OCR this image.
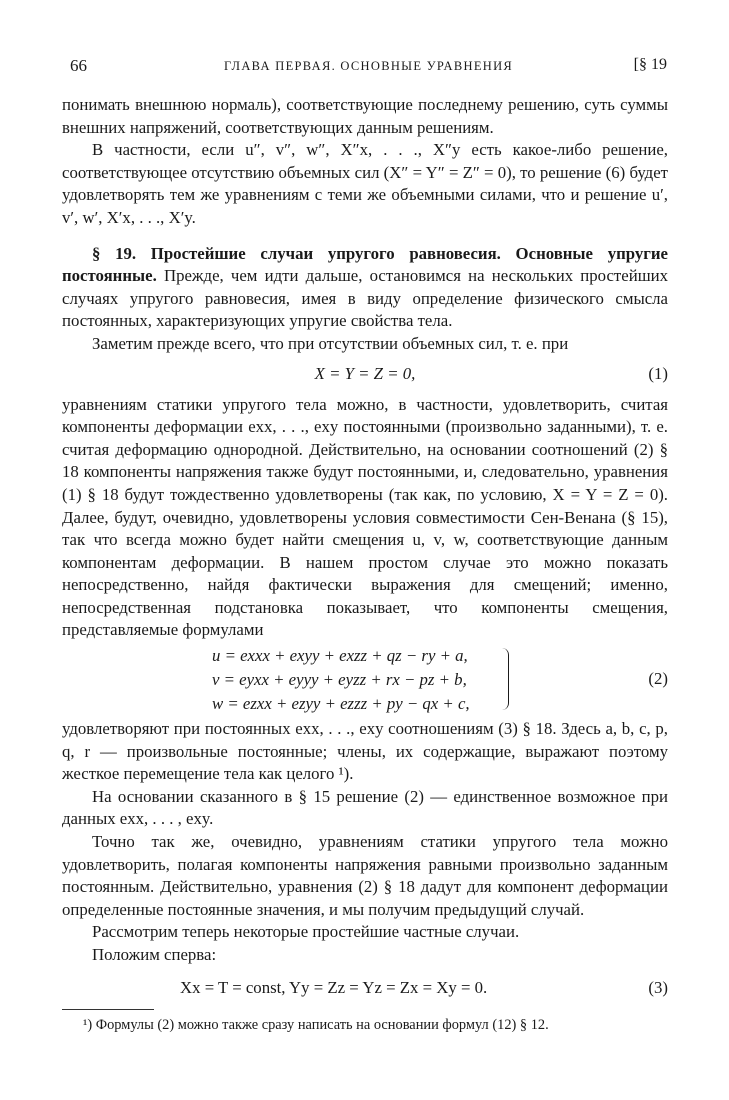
66	ГЛАВА ПЕРВАЯ. ОСНОВНЫЕ УРАВНЕНИЯ	[§ 19

понимать внешнюю нормаль), соответствующие последнему решению, суть суммы внешних напряжений, соответствующих данным решениям.

В частности, если u″, v″, w″, X″x, . . ., X″y есть какое-либо решение, соответствующее отсутствию объемных сил (X″ = Y″ = Z″ = 0), то решение (6) будет удовлетворять тем же уравнениям с теми же объемными силами, что и решение u′, v′, w′, X′x, . . ., X′y.

§ 19. Простейшие случаи упругого равновесия. Основные упругие постоянные. Прежде, чем идти дальше, остановимся на нескольких простейших случаях упругого равновесия, имея в виду определение физического смысла постоянных, характеризующих упругие свойства тела.

Заметим прежде всего, что при отсутствии объемных сил, т. е. при

X = Y = Z = 0,	(1)

уравнениям статики упругого тела можно, в частности, удовлетворить, считая компоненты деформации exx, . . ., exy постоянными (произвольно заданными), т. е. считая деформацию однородной. Действительно, на основании соотношений (2) § 18 компоненты напряжения также будут постоянными, и, следовательно, уравнения (1) § 18 будут тождественно удовлетворены (так как, по условию, X = Y = Z = 0). Далее, будут, очевидно, удовлетворены условия совместимости Сен-Венана (§ 15), так что всегда можно будет найти смещения u, v, w, соответствующие данным компонентам деформации. В нашем простом случае это можно показать непосредственно, найдя фактически выражения для смещений; именно, непосредственная подстановка показывает, что компоненты смещения, представляемые формулами

u = exxx + exyy + exzz + qz − ry + a,
v = eyxx + eyyy + eyzz + rx − pz + b,
w = ezxx + ezyy + ezzz + py − qx + c,
(2)

удовлетворяют при постоянных exx, . . ., exy соотношениям (3) § 18. Здесь a, b, c, p, q, r — произвольные постоянные; члены, их содержащие, выражают поэтому жесткое перемещение тела как целого ¹).

На основании сказанного в § 15 решение (2) — единственное возможное при данных exx, . . . , exy.

Точно так же, очевидно, уравнениям статики упругого тела можно удовлетворить, полагая компоненты напряжения равными произвольно заданным постоянным. Действительно, уравнения (2) § 18 дадут для компонент деформации определенные постоянные значения, и мы получим предыдущий случай.

Рассмотрим теперь некоторые простейшие частные случаи.

Положим сперва:

Xx = T = const, Yy = Zz = Yz = Zx = Xy = 0.	(3)
¹) Формулы (2) можно также сразу написать на основании формул (12) § 12.
